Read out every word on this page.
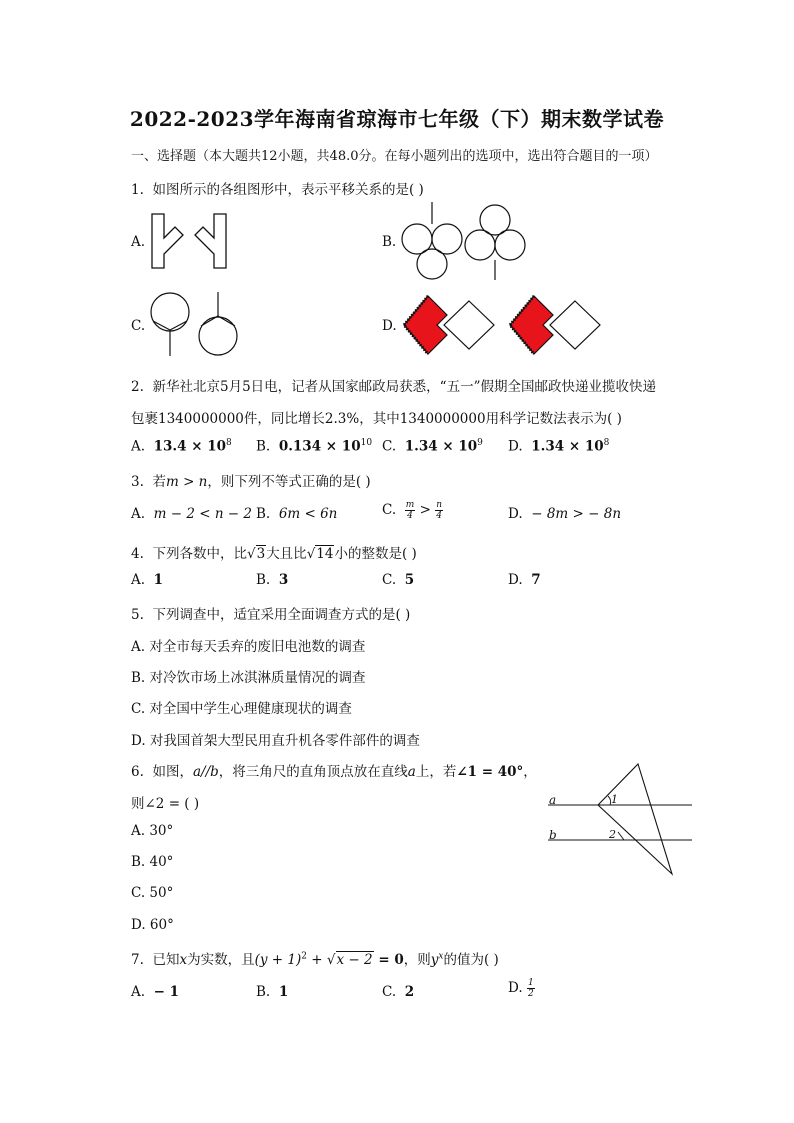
2022-2023学年海南省琼海市七年级（下）期末数学试卷
一、选择题（本大题共12小题，共48.0分。在每小题列出的选项中，选出符合题目的一项）
1. 如图所示的各组图形中，表示平移关系的是( )
A.	B.
C.	D.
2. 新华社北京5月5日电，记者从国家邮政局获悉，“五一”假期全国邮政快递业揽收快递
包裹1340000000件，同比增长2.3%，其中1340000000用科学记数法表示为( )
A. $13.4 \times 10^8$ B. $0.134 \times 10^{10}$ C. $1.34 \times 10^9$ D. $1.34 \times 10^8$
3. 若m > n，则下列不等式正确的是( )
A. m − 2 < n − 2 B. 6m < 6n	C. $\frac{m}{4} > \frac{n}{4}$	D. − 8m > − 8n
4. 下列各数中，比√3大且比√14小的整数是( )
A. 1	B. 3	C. 5	D. 7
5. 下列调查中，适宜采用全面调查方式的是( )
A. 对全市每天丢弃的废旧电池数的调查
B. 对冷饮市场上冰淇淋质量情况的调查
C. 对全国中学生心理健康现状的调查
D. 对我国首架大型民用直升机各零件部件的调查
6. 如图，a//b，将三角尺的直角顶点放在直线a上，若∠1 = 40°，
则∠2 = ( )
A. 30°
B. 40°
C. 50°
D. 60°
a
b
1
2
7. 已知x为实数，且$(y + 1)^2 + √x - 2 = 0$，则$y^x$的值为( )
A. − 1	B. 1	C. 2	D. $\frac{1}{2}$
